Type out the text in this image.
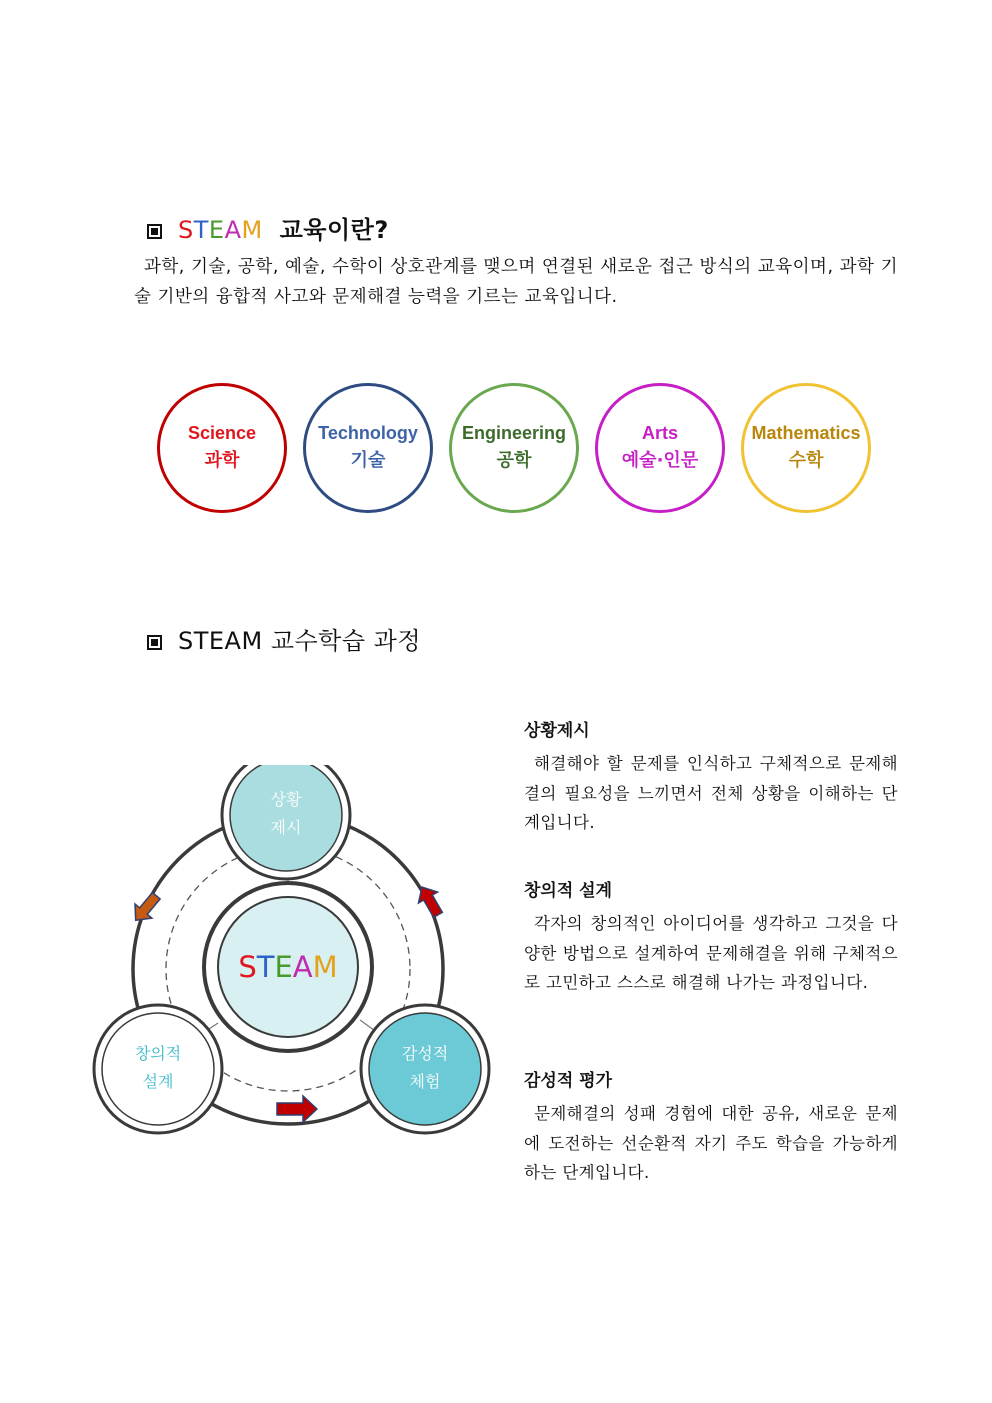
STEAM 교육이란?

과학, 기술, 공학, 예술, 수학이 상호관계를 맺으며 연결된 새로운 접근 방식의 교육이며, 과학 기술 기반의 융합적 사고와 문제해결 능력을 기르는 교육입니다.

Science
과학
Technology
기술
Engineering
공학
Arts
예술·인문
Mathematics
수학
STEAM 교수학습 과정
STEAM
상황
제시
창의적
설계
감성적
체험

상황제시

해결해야 할 문제를 인식하고 구체적으로 문제해결의 필요성을 느끼면서 전체 상황을 이해하는 단계입니다.

창의적 설계

각자의 창의적인 아이디어를 생각하고 그것을 다양한 방법으로 설계하여 문제해결을 위해 구체적으로 고민하고 스스로 해결해 나가는 과정입니다.

감성적 평가

문제해결의 성패 경험에 대한 공유, 새로운 문제에 도전하는 선순환적 자기 주도 학습을 가능하게 하는 단계입니다.
